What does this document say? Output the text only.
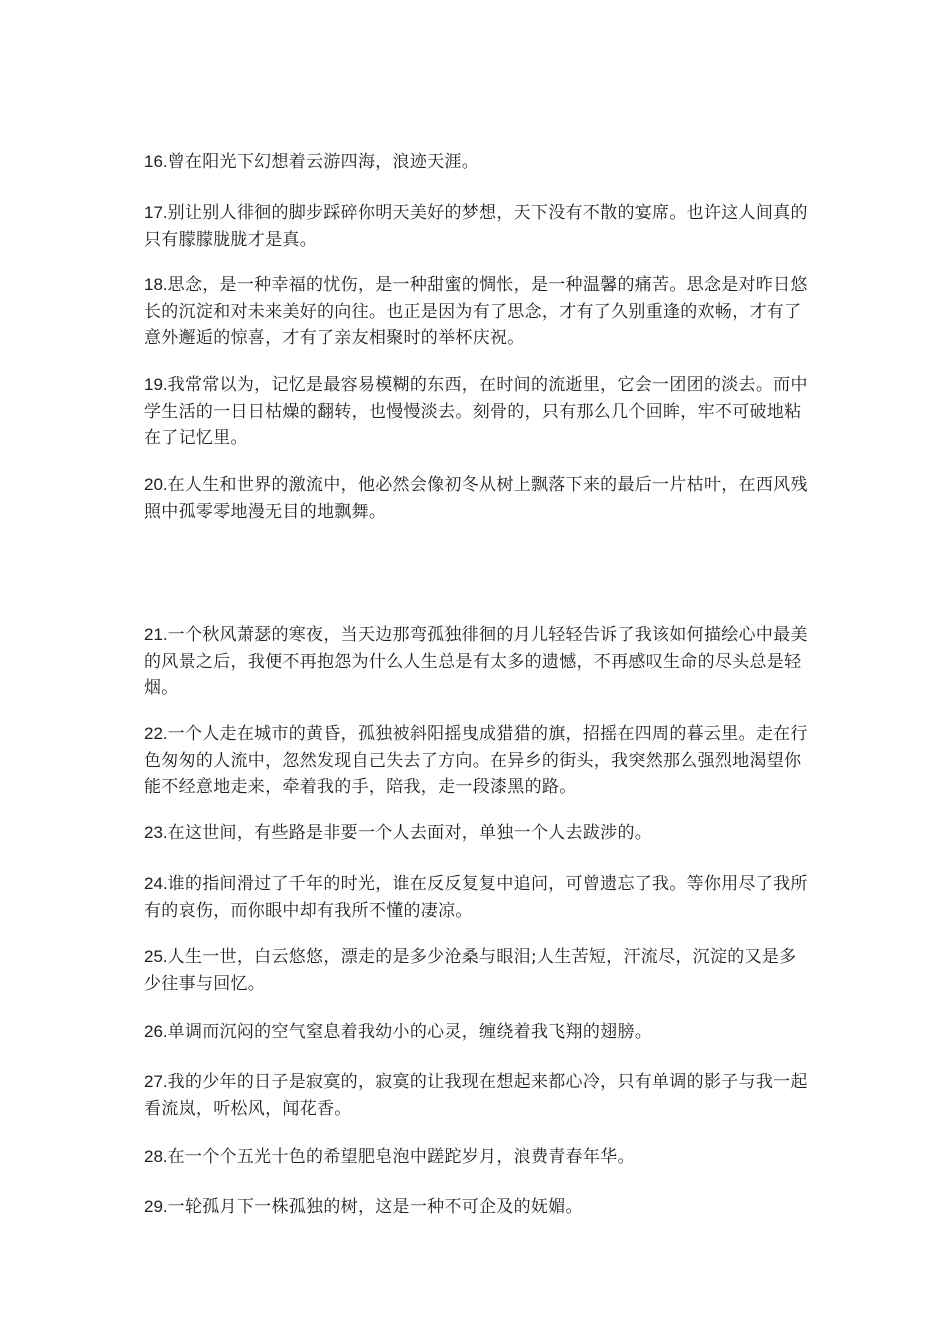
16.曾在阳光下幻想着云游四海，浪迹天涯。

17.别让别人徘徊的脚步踩碎你明天美好的梦想，天下没有不散的宴席。也许这人间真的只有朦朦胧胧才是真。

18.思念，是一种幸福的忧伤，是一种甜蜜的惆怅，是一种温馨的痛苦。思念是对昨日悠长的沉淀和对未来美好的向往。也正是因为有了思念，才有了久别重逢的欢畅，才有了意外邂逅的惊喜，才有了亲友相聚时的举杯庆祝。

19.我常常以为，记忆是最容易模糊的东西，在时间的流逝里，它会一团团的淡去。而中学生活的一日日枯燥的翻转，也慢慢淡去。刻骨的，只有那么几个回眸，牢不可破地粘在了记忆里。

20.在人生和世界的激流中，他必然会像初冬从树上飘落下来的最后一片枯叶，在西风残照中孤零零地漫无目的地飘舞。

21.一个秋风萧瑟的寒夜，当天边那弯孤独徘徊的月儿轻轻告诉了我该如何描绘心中最美的风景之后，我便不再抱怨为什么人生总是有太多的遗憾，不再感叹生命的尽头总是轻烟。

22.一个人走在城市的黄昏，孤独被斜阳摇曳成猎猎的旗，招摇在四周的暮云里。走在行色匆匆的人流中，忽然发现自己失去了方向。在异乡的街头，我突然那么强烈地渴望你能不经意地走来，牵着我的手，陪我，走一段漆黑的路。

23.在这世间，有些路是非要一个人去面对，单独一个人去跋涉的。

24.谁的指间滑过了千年的时光，谁在反反复复中追问，可曾遗忘了我。等你用尽了我所有的哀伤，而你眼中却有我所不懂的凄凉。

25.人生一世，白云悠悠，漂走的是多少沧桑与眼泪;人生苦短，汗流尽，沉淀的又是多少往事与回忆。

26.单调而沉闷的空气窒息着我幼小的心灵，缠绕着我飞翔的翅膀。

27.我的少年的日子是寂寞的，寂寞的让我现在想起来都心冷，只有单调的影子与我一起看流岚，听松风，闻花香。

28.在一个个五光十色的希望肥皂泡中蹉跎岁月，浪费青春年华。

29.一轮孤月下一株孤独的树，这是一种不可企及的妩媚。
